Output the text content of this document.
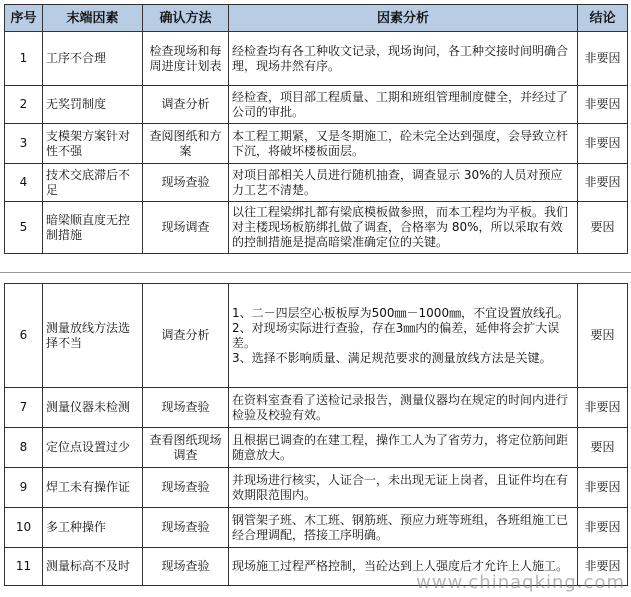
序号	末端因素	确认方法	因素分析	结论
1	工序不合理	检查现场和每周进度计划表	经检查均有各工种收文记录，现场询问，各工种交接时间明确合理，现场井然有序。	非要因
2	无奖罚制度	调查分析	经检查，项目部工程质量、工期和班组管理制度健全，并经过了公司的审批。	非要因
3	支模架方案针对性不强	查阅图纸和方案	本工程工期紧，又是冬期施工，砼未完全达到强度，会导致立杆下沉，将破坏楼板面层。	非要因
4	技术交底滞后不足	现场查验	对项目部相关人员进行随机抽查，调查显示 30%的人员对预应力工艺不清楚。	非要因
5	暗梁顺直度无控制措施	现场调查	以往工程梁绑扎都有梁底模板做参照，而本工程均为平板。我们对主楼现场板筋绑扎做了调查，合格率为 80%，所以采取有效的控制措施是提高暗梁准确定位的关键。	要因
6	测量放线方法选择不当	调查分析	1、二－四层空心板板厚为500㎜－1000㎜，不宜设置放线孔。
2、对现场实际进行查验，存在3㎜内的偏差，延伸将会扩大误差。
3、选择不影响质量、满足规范要求的测量放线方法是关键。	要因
7	测量仪器未检测	现场查验	在资料室查看了送检记录报告，测量仪器均在规定的时间内进行检验及校验有效。	非要因
8	定位点设置过少	查看图纸现场调查	且根据已调查的在建工程，操作工人为了省劳力，将定位筋间距随意放大。	要因
9	焊工未有操作证	现场查验	并现场进行核实，人证合一，未出现无证上岗者，且证件均在有效期限范围内。	非要因
10	多工种操作	现场查验	钢管架子班、木工班、钢筋班、预应力班等班组，各班组施工已经合理调配，搭接工序明确。	非要因
11	测量标高不及时	现场查验	现场施工过程严格控制，当砼达到上人强度后才允许上人施工。	非要因
www.chinaqking.com
